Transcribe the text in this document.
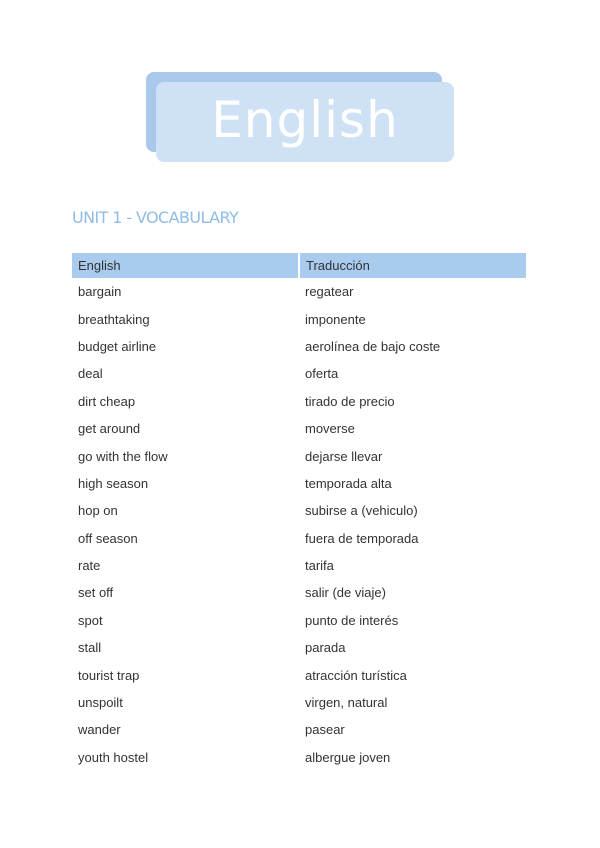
English
UNIT 1 - VOCABULARY
English	Traducción
bargain	regatear
breathtaking	imponente
budget airline	aerolínea de bajo coste
deal	oferta
dirt cheap	tirado de precio
get around	moverse
go with the flow	dejarse llevar
high season	temporada alta
hop on	subirse a (vehiculo)
off season	fuera de temporada
rate	tarifa
set off	salir (de viaje)
spot	punto de interés
stall	parada
tourist trap	atracción turística
unspoilt	virgen, natural
wander	pasear
youth hostel	albergue joven
